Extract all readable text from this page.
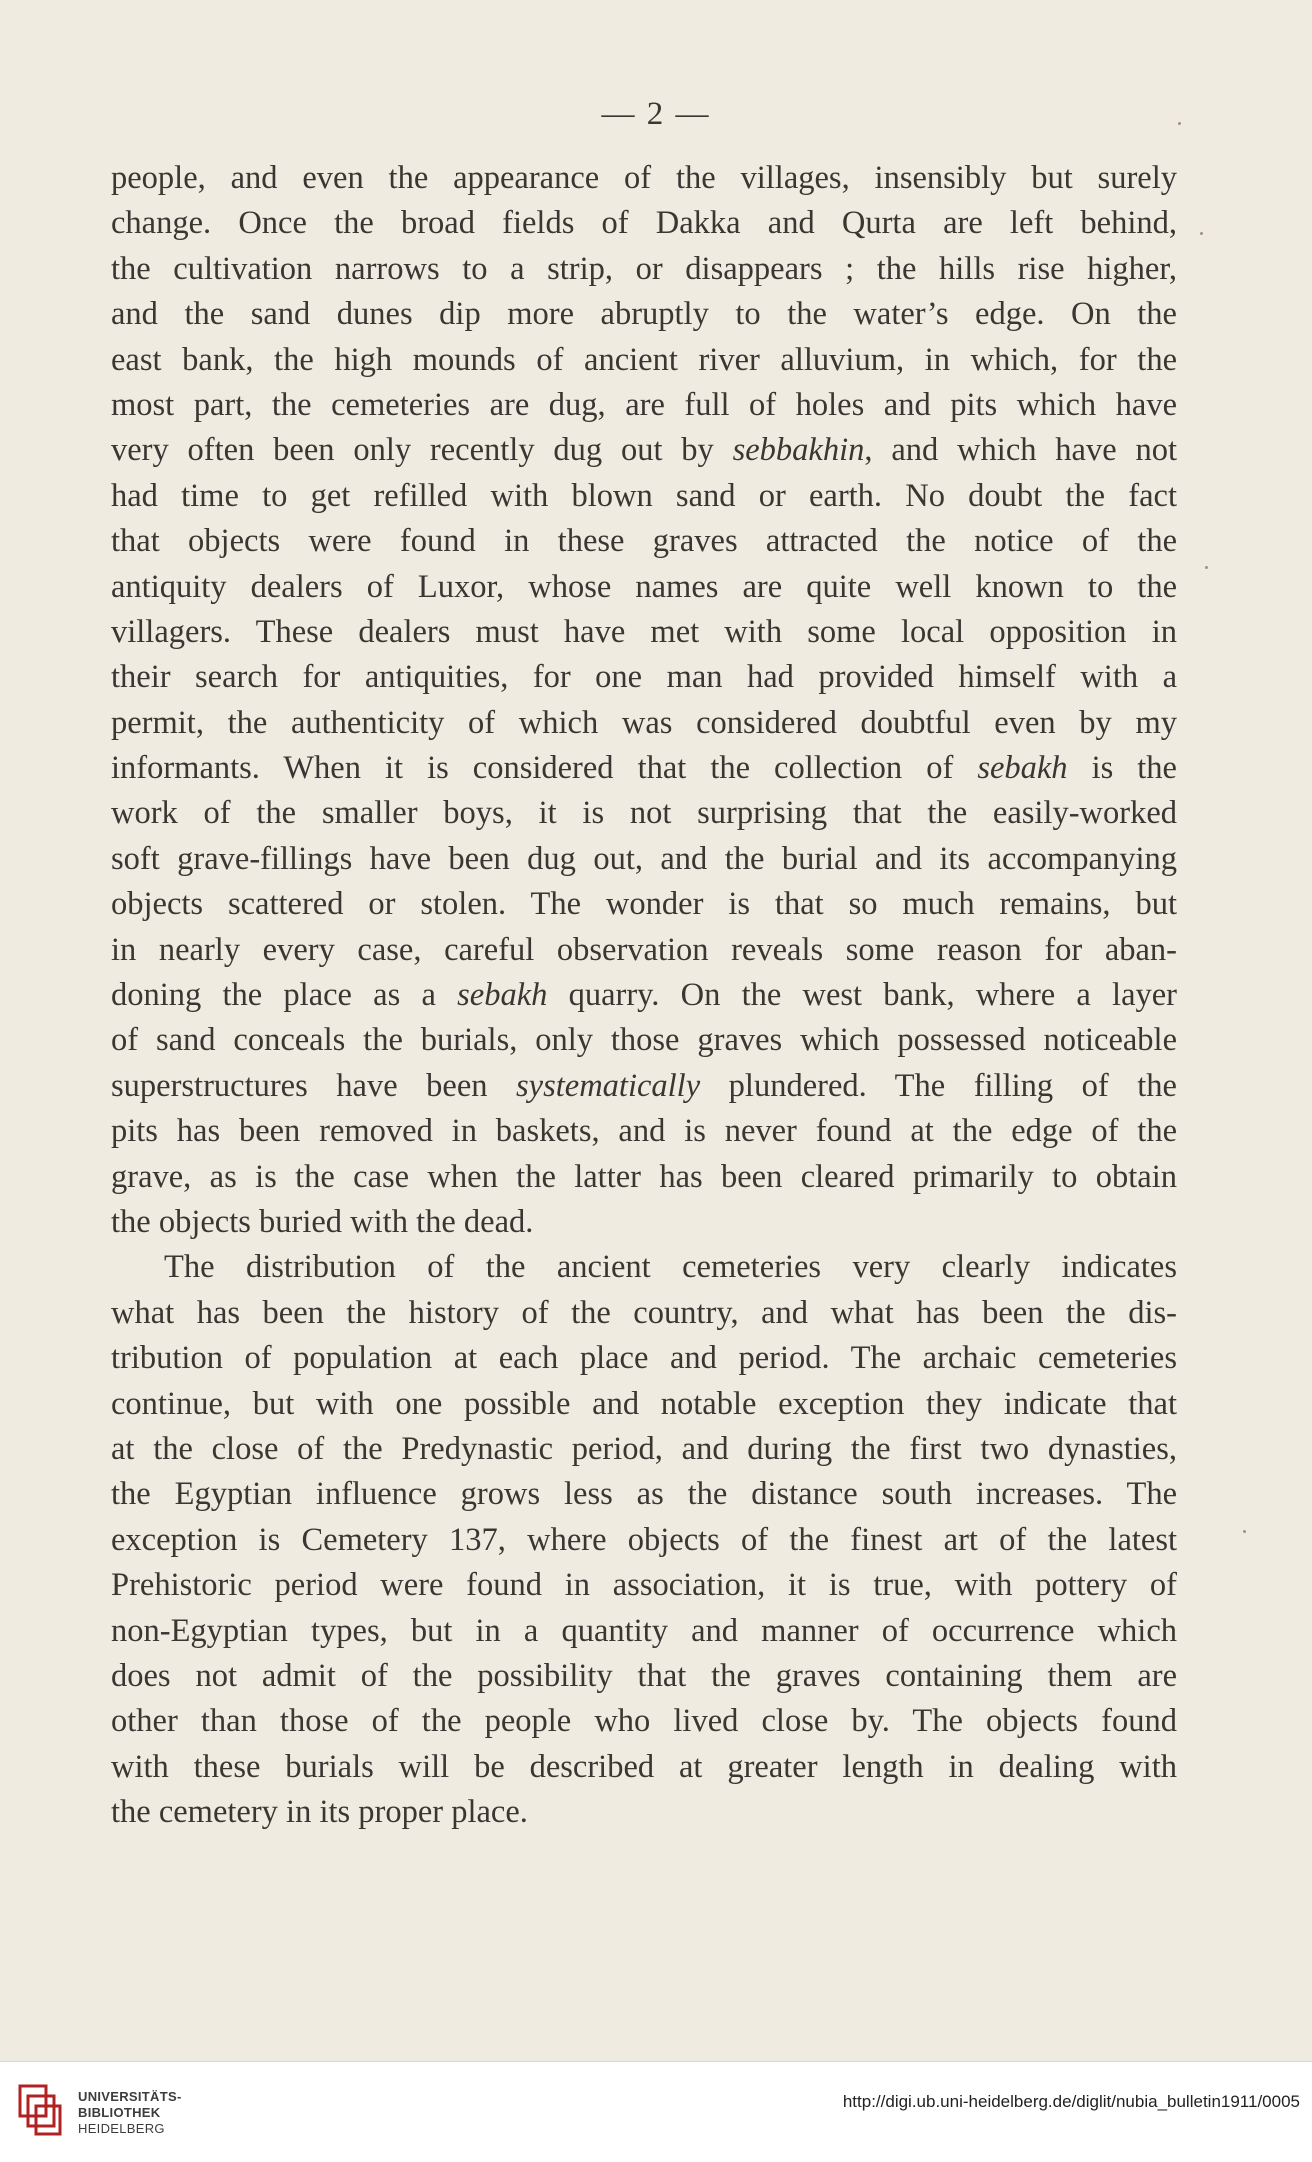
— 2 —
people, and even the appearance of the villages, insensibly but surely
change. Once the broad fields of Dakka and Qurta are left behind,
the cultivation narrows to a strip, or disappears ; the hills rise higher,
and the sand dunes dip more abruptly to the water’s edge. On the
east bank, the high mounds of ancient river alluvium, in which, for the
most part, the cemeteries are dug, are full of holes and pits which have
very often been only recently dug out by sebbakhin, and which have not
had time to get refilled with blown sand or earth. No doubt the fact
that objects were found in these graves attracted the notice of the
antiquity dealers of Luxor, whose names are quite well known to the
villagers. These dealers must have met with some local opposition in
their search for antiquities, for one man had provided himself with a
permit, the authenticity of which was considered doubtful even by my
informants. When it is considered that the collection of sebakh is the
work of the smaller boys, it is not surprising that the easily-worked
soft grave-fillings have been dug out, and the burial and its accompanying
objects scattered or stolen. The wonder is that so much remains, but
in nearly every case, careful observation reveals some reason for aban-
doning the place as a sebakh quarry. On the west bank, where a layer
of sand conceals the burials, only those graves which possessed noticeable
superstructures have been systematically plundered. The filling of the
pits has been removed in baskets, and is never found at the edge of the
grave, as is the case when the latter has been cleared primarily to obtain
the objects buried with the dead.
The distribution of the ancient cemeteries very clearly indicates
what has been the history of the country, and what has been the dis-
tribution of population at each place and period. The archaic cemeteries
continue, but with one possible and notable exception they indicate that
at the close of the Predynastic period, and during the first two dynasties,
the Egyptian influence grows less as the distance south increases. The
exception is Cemetery 137, where objects of the finest art of the latest
Prehistoric period were found in association, it is true, with pottery of
non-Egyptian types, but in a quantity and manner of occurrence which
does not admit of the possibility that the graves containing them are
other than those of the people who lived close by. The objects found
with these burials will be described at greater length in dealing with
the cemetery in its proper place.
UNIVERSITÄTS-
BIBLIOTHEK
HEIDELBERG
http://digi.ub.uni-heidelberg.de/diglit/nubia_bulletin1911/0005
